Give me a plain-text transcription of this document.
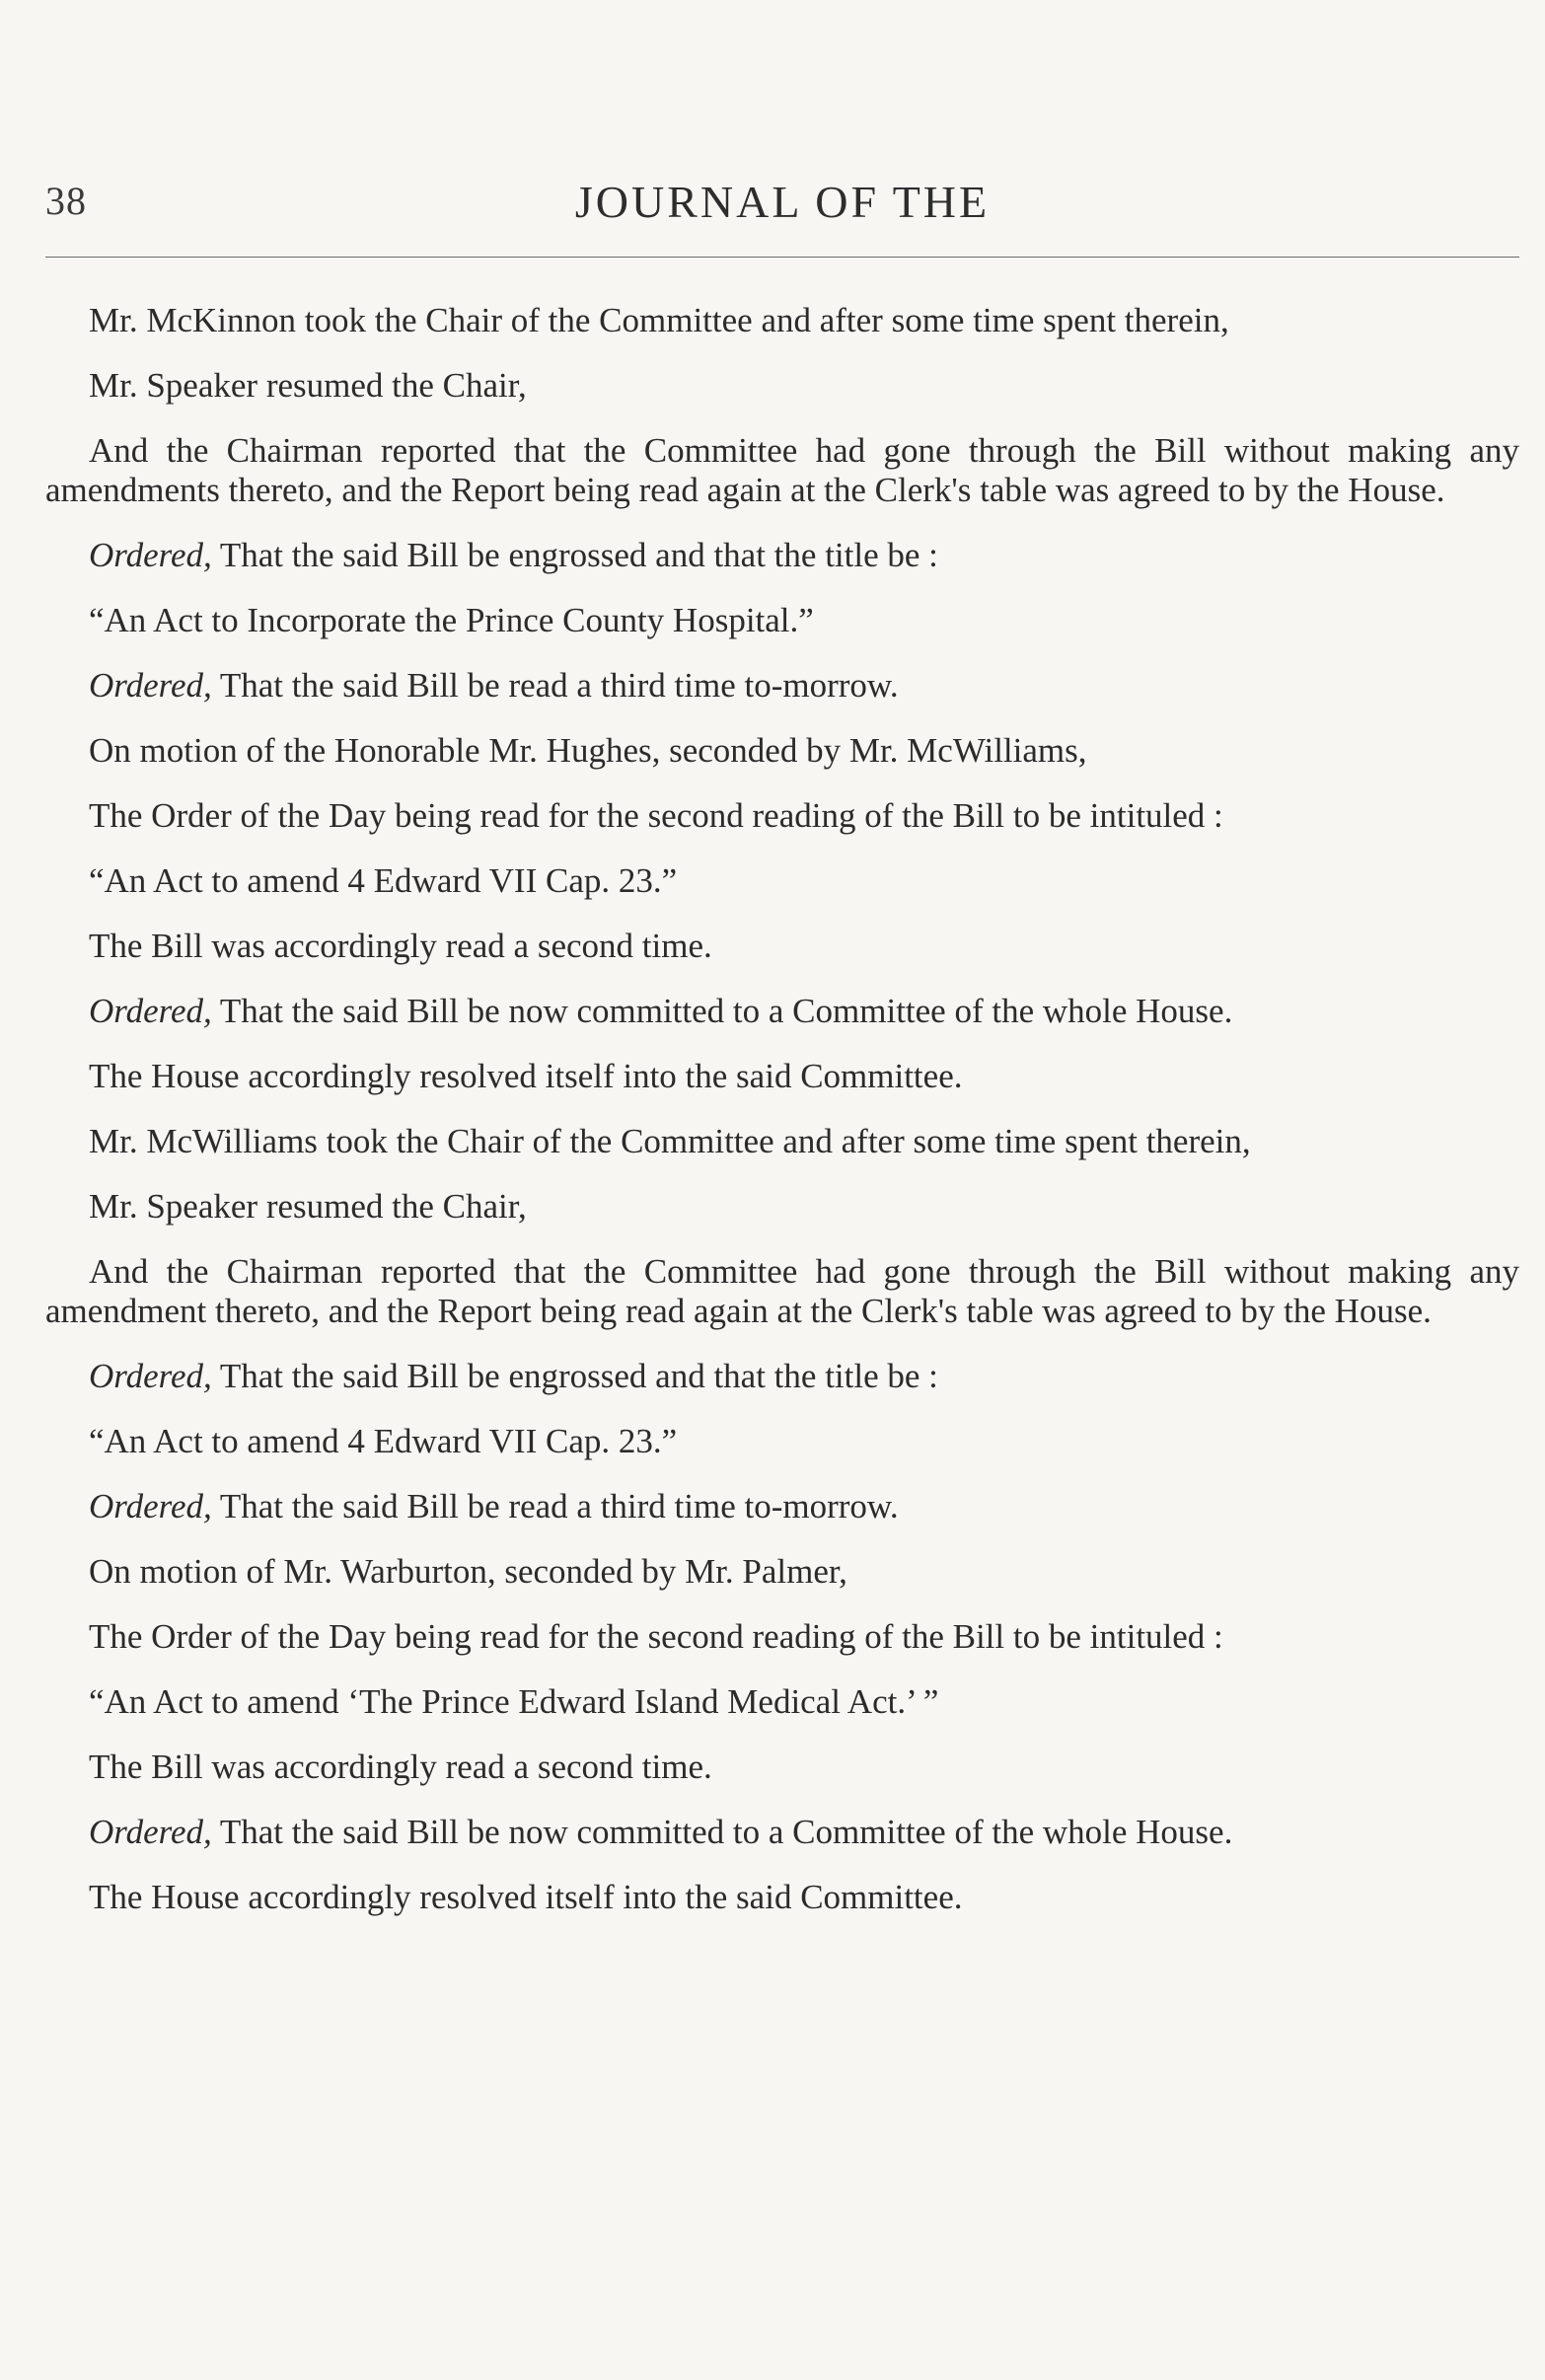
38	JOURNAL OF THE

Mr. McKinnon took the Chair of the Committee and after some time spent therein,

Mr. Speaker resumed the Chair,

And the Chairman reported that the Committee had gone through the Bill without making any amendments thereto, and the Report being read again at the Clerk's table was agreed to by the House.

Ordered, That the said Bill be engrossed and that the title be :

“An Act to Incorporate the Prince County Hospital.”

Ordered, That the said Bill be read a third time to-morrow.

On motion of the Honorable Mr. Hughes, seconded by Mr. McWilliams,

The Order of the Day being read for the second reading of the Bill to be intituled :

“An Act to amend 4 Edward VII Cap. 23.”

The Bill was accordingly read a second time.

Ordered, That the said Bill be now committed to a Committee of the whole House.

The House accordingly resolved itself into the said Committee.

Mr. McWilliams took the Chair of the Committee and after some time spent therein,

Mr. Speaker resumed the Chair,

And the Chairman reported that the Committee had gone through the Bill without making any amendment thereto, and the Report being read again at the Clerk's table was agreed to by the House.

Ordered, That the said Bill be engrossed and that the title be :

“An Act to amend 4 Edward VII Cap. 23.”

Ordered, That the said Bill be read a third time to-morrow.

On motion of Mr. Warburton, seconded by Mr. Palmer,

The Order of the Day being read for the second reading of the Bill to be intituled :

“An Act to amend ‘The Prince Edward Island Medical Act.’ ”

The Bill was accordingly read a second time.

Ordered, That the said Bill be now committed to a Committee of the whole House.

The House accordingly resolved itself into the said Committee.
